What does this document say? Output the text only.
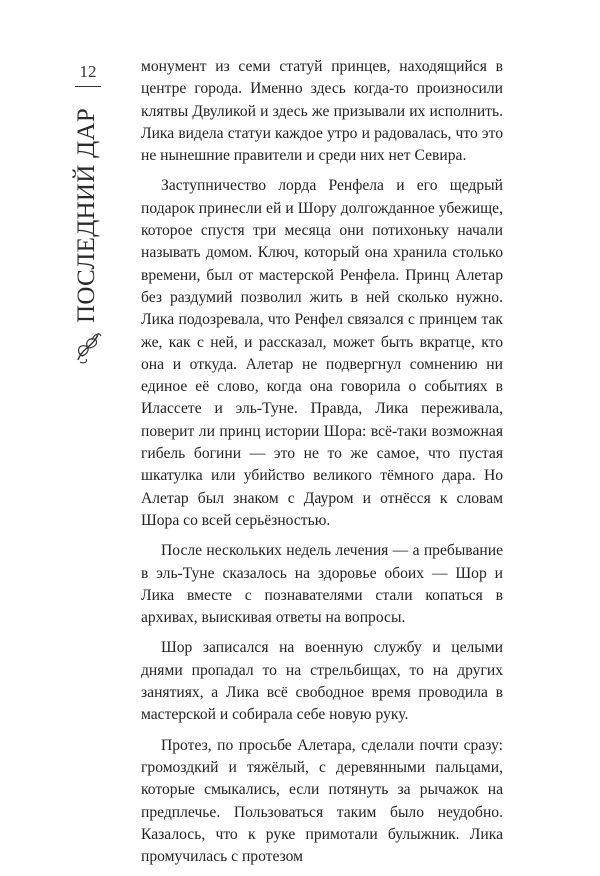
12
ПОСЛЕДНИЙ ДАР

монумент из семи статуй принцев, находящийся в центре города. Именно здесь когда-то произносили клятвы Двуликой и здесь же призывали их исполнить. Лика видела статуи каждое утро и радовалась, что это не нынешние правители и среди них нет Севира.

Заступничество лорда Ренфела и его щедрый подарок принесли ей и Шору долгожданное убежище, которое спустя три месяца они потихоньку начали называть домом. Ключ, который она хранила столько времени, был от мастерской Ренфела. Принц Алетар без раздумий позволил жить в ней сколько нужно. Лика подозревала, что Ренфел связался с принцем так же, как с ней, и рассказал, может быть вкратце, кто она и откуда. Алетар не подвергнул сомнению ни единое её слово, когда она говорила о событиях в Илассете и эль-Туне. Правда, Лика переживала, поверит ли принц истории Шора: всё-таки возможная гибель богини — это не то же самое, что пустая шкатулка или убийство великого тёмного дара. Но Алетар был знаком с Дауром и отнёсся к словам Шора со всей серьёзностью.

После нескольких недель лечения — а пребывание в эль-Туне сказалось на здоровье обоих — Шор и Лика вместе с познавателями стали копаться в архивах, выискивая ответы на вопросы.

Шор записался на военную службу и целыми днями пропадал то на стрельбищах, то на других занятиях, а Лика всё свободное время проводила в мастерской и собирала себе новую руку.

Протез, по просьбе Алетара, сделали почти сразу: громоздкий и тяжёлый, с деревянными пальцами, которые смыкались, если потянуть за рычажок на предплечье. Пользоваться таким было неудобно. Казалось, что к руке примотали булыжник. Лика промучилась с протезом
